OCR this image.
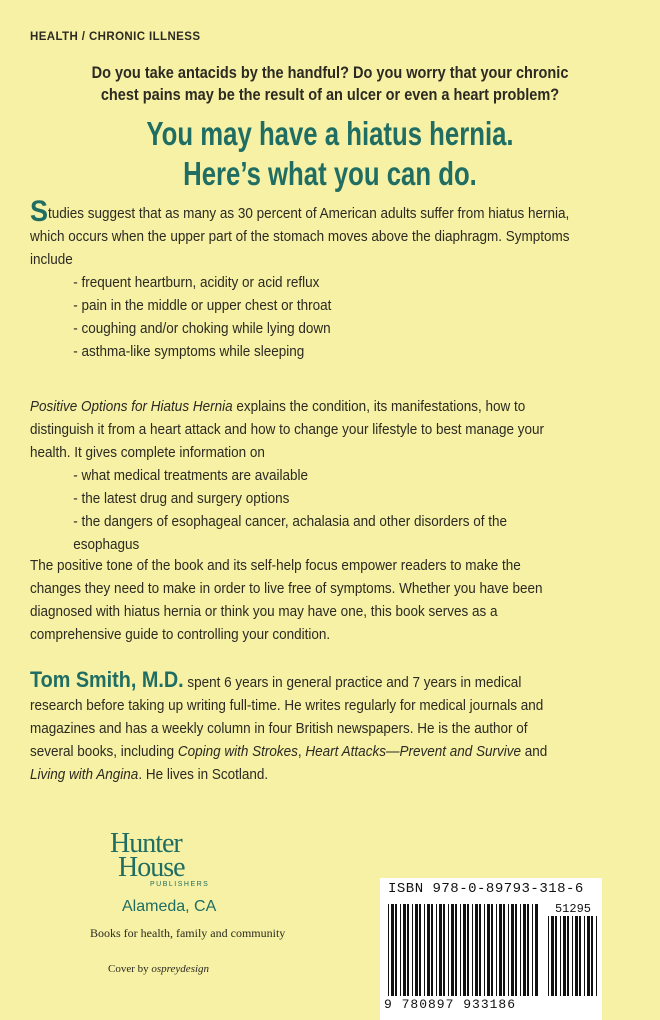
HEALTH / CHRONIC ILLNESS
Do you take antacids by the handful? Do you worry that your chronic
chest pains may be the result of an ulcer or even a heart problem?
You may have a hiatus hernia.
Here’s what you can do.

Studies suggest that as many as 30 percent of American adults suffer from hiatus hernia, which occurs when the upper part of the stomach moves above the diaphragm. Symptoms include

- frequent heartburn, acidity or acid reflux
- pain in the middle or upper chest or throat
- coughing and/or choking while lying down
- asthma-like symptoms while sleeping

Positive Options for Hiatus Hernia explains the condition, its manifestations, how to distinguish it from a heart attack and how to change your lifestyle to best manage your health. It gives complete information on

- what medical treatments are available
- the latest drug and surgery options
- the dangers of esophageal cancer, achalasia and other disorders of the esophagus

The positive tone of the book and its self-help focus empower readers to make the changes they need to make in order to live free of symptoms. Whether you have been diagnosed with hiatus hernia or think you may have one, this book serves as a comprehensive guide to controlling your condition.

Tom Smith, M.D. spent 6 years in general practice and 7 years in medical research before taking up writing full-time. He writes regularly for medical journals and magazines and has a weekly column in four British newspapers. He is the author of several books, including Coping with Strokes, Heart Attacks—Prevent and Survive and Living with Angina. He lives in Scotland.

Hunter
House
PUBLISHERS
Alameda, CA
Books for health, family and community
Cover by ospreydesign
ISBN 978-0-89793-318-6
51295
9 780897 933186
